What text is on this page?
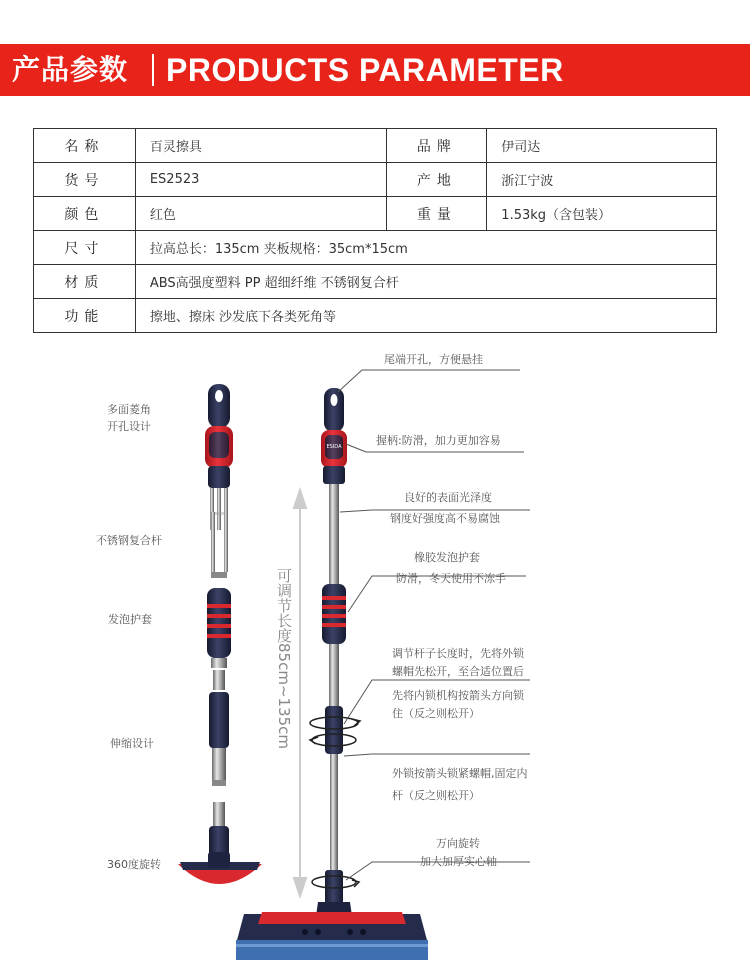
产品参数 PRODUCTS PARAMETER
名称	百灵擦具	品牌	伊司达
货号	ES2523	产地	浙江宁波
颜色	红色	重量	1.53kg（含包装）
尺寸	拉高总长：135cm 夹板规格：35cm*15cm		
材质	ABS高强度塑料 PP 超细纤维 不锈钢复合杆		
功能	擦地、擦床 沙发底下各类死角等		
ESIDA
多面菱角
开孔设计
不锈钢复合杆
发泡护套
伸缩设计
360度旋转
可调节长度85cm~135cm
尾端开孔，方便悬挂
握柄:防滑，加力更加容易
良好的表面光泽度
钢度好强度高不易腐蚀
橡胶发泡护套
防滑，冬天使用不冻手
调节杆子长度时，先将外锁
螺帽先松开，至合适位置后
先将内锁机构按箭头方向锁
住（反之则松开）
外锁按箭头锁紧螺帽,固定内
杆（反之则松开）
万向旋转
加大加厚实心轴
